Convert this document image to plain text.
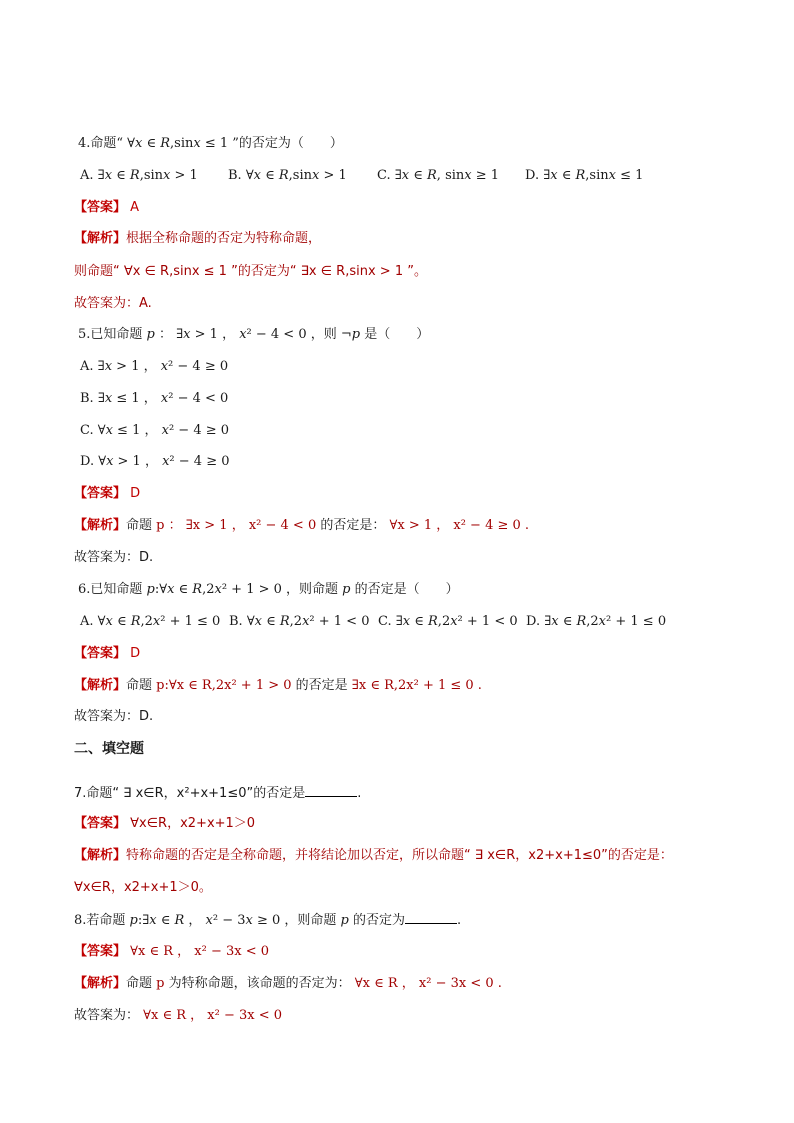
4.命题“ ∀𝑥 ∈ 𝑅,sin𝑥 ≤ 1 ”的否定为（　　）
A. ∃𝑥 ∈ 𝑅,sin𝑥 > 1 B. ∀𝑥 ∈ 𝑅,sin𝑥 > 1 C. ∃𝑥 ∈ 𝑅, sin𝑥 ≥ 1 D. ∃𝑥 ∈ 𝑅,sin𝑥 ≤ 1
【答案】 A
【解析】根据全称命题的否定为特称命题，
则命题“ ∀x ∈ R,sinx ≤ 1 ”的否定为“ ∃x ∈ R,sinx > 1 ”。
故答案为：A.
5.已知命题 𝑝 ： ∃𝑥 > 1 ， 𝑥² − 4 < 0 ，则 ¬𝑝 是（　　）
A. ∃𝑥 > 1 ， 𝑥² − 4 ≥ 0
B. ∃𝑥 ≤ 1 ， 𝑥² − 4 < 0
C. ∀𝑥 ≤ 1 ， 𝑥² − 4 ≥ 0
D. ∀𝑥 > 1 ， 𝑥² − 4 ≥ 0
【答案】 D
【解析】命题 p ： ∃x > 1 ， x² − 4 < 0 的否定是： ∀x > 1 ， x² − 4 ≥ 0 .
故答案为：D.
6.已知命题 𝑝:∀𝑥 ∈ 𝑅,2𝑥² + 1 > 0 ，则命题 𝑝 的否定是（　　）
A. ∀𝑥 ∈ 𝑅,2𝑥² + 1 ≤ 0 B. ∀𝑥 ∈ 𝑅,2𝑥² + 1 < 0 C. ∃𝑥 ∈ 𝑅,2𝑥² + 1 < 0 D. ∃𝑥 ∈ 𝑅,2𝑥² + 1 ≤ 0
【答案】 D
【解析】命题 p:∀x ∈ R,2x² + 1 > 0 的否定是 ∃x ∈ R,2x² + 1 ≤ 0 .
故答案为：D.
二、填空题
7.命题“ ∃ x∈R，x²+x+1≤0”的否定是	.
【答案】 ∀x∈R，x2+x+1＞0
【解析】特称命题的否定是全称命题，并将结论加以否定，所以命题“ ∃ x∈R，x2+x+1≤0”的否定是：
∀x∈R，x2+x+1＞0。
8.若命题 𝑝:∃𝑥 ∈ 𝑅 ， 𝑥² − 3𝑥 ≥ 0 ，则命题 𝑝 的否定为	.
【答案】 ∀x ∈ R ， x² − 3x < 0
【解析】命题 p 为特称命题，该命题的否定为： ∀x ∈ R ， x² − 3x < 0 .
故答案为： ∀x ∈ R ， x² − 3x < 0
